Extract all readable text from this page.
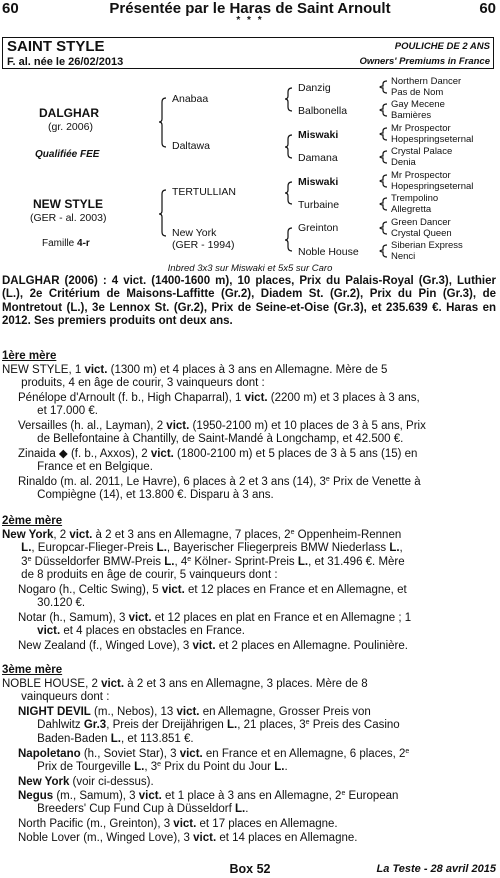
60	Présentée par le Haras de Saint Arnoult	60
* * *
SAINT STYLE	POULICHE DE 2 ANS
F. al. née le 26/02/2013	Owners' Premiums in France
DALGHAR
(gr. 2006)
Qualifiée FEE
NEW STYLE
(GER - al. 2003)
Famille 4-r
Anabaa
Daltawa
TERTULLIAN
New York
(GER - 1994)
Danzig
Balbonella
Miswaki
Damana
Miswaki
Turbaine
Greinton
Noble House
Northern Dancer
Pas de Nom
Gay Mecene
Bamières
Mr Prospector
Hopespringseternal
Crystal Palace
Denia
Mr Prospector
Hopespringseternal
Trempolino
Allegretta
Green Dancer
Crystal Queen
Siberian Express
Nenci
Inbred 3x3 sur Miswaki et 5x5 sur Caro
DALGHAR (2006) : 4 vict. (1400-1600 m), 10 places, Prix du Palais-Royal (Gr.3), Luthier (L.), 2e Critérium de Maisons-Laffitte (Gr.2), Diadem St. (Gr.2), Prix du Pin (Gr.3), de Montretout (L.), 3e Lennox St. (Gr.2), Prix de Seine-et-Oise (Gr.3), et 235.639 €. Haras en 2012. Ses premiers produits ont deux ans.
1ère mère
NEW STYLE, 1 vict. (1300 m) et 4 places à 3 ans en Allemagne. Mère de 5
produits, 4 en âge de courir, 3 vainqueurs dont :
Pénélope d'Arnoult (f. b., High Chaparral), 1 vict. (2200 m) et 3 places à 3 ans,
et 17.000 €.
Versailles (h. al., Layman), 2 vict. (1950-2100 m) et 10 places de 3 à 5 ans, Prix
de Bellefontaine à Chantilly, de Saint-Mandé à Longchamp, et 42.500 €.
Zinaida ◆ (f. b., Axxos), 2 vict. (1800-2100 m) et 5 places de 3 à 5 ans (15) en
France et en Belgique.
Rinaldo (m. al. 2011, Le Havre), 6 places à 2 et 3 ans (14), 3e Prix de Venette à
Compiègne (14), et 13.800 €. Disparu à 3 ans.
2ème mère
New York, 2 vict. à 2 et 3 ans en Allemagne, 7 places, 2e Oppenheim-Rennen
L., Europcar-Flieger-Preis L., Bayerischer Fliegerpreis BMW Niederlass L.,
3e Düsseldorfer BMW-Preis L., 4e Kölner- Sprint-Preis L., et 31.496 €. Mère
de 8 produits en âge de courir, 5 vainqueurs dont :
Nogaro (h., Celtic Swing), 5 vict. et 12 places en France et en Allemagne, et
30.120 €.
Notar (h., Samum), 3 vict. et 12 places en plat en France et en Allemagne ; 1
vict. et 4 places en obstacles en France.
New Zealand (f., Winged Love), 3 vict. et 2 places en Allemagne. Poulinière.
3ème mère
NOBLE HOUSE, 2 vict. à 2 et 3 ans en Allemagne, 3 places. Mère de 8
vainqueurs dont :
NIGHT DEVIL (m., Nebos), 13 vict. en Allemagne, Grosser Preis von
Dahlwitz Gr.3, Preis der Dreijährigen L., 21 places, 3e Preis des Casino
Baden-Baden L., et 113.851 €.
Napoletano (h., Soviet Star), 3 vict. en France et en Allemagne, 6 places, 2e
Prix de Tourgeville L., 3e Prix du Point du Jour L..
New York (voir ci-dessus).
Negus (m., Samum), 3 vict. et 1 place à 3 ans en Allemagne, 2e European
Breeders' Cup Fund Cup à Düsseldorf L..
North Pacific (m., Greinton), 3 vict. et 17 places en Allemagne.
Noble Lover (m., Winged Love), 3 vict. et 14 places en Allemagne.
Box 52	La Teste - 28 avril 2015
